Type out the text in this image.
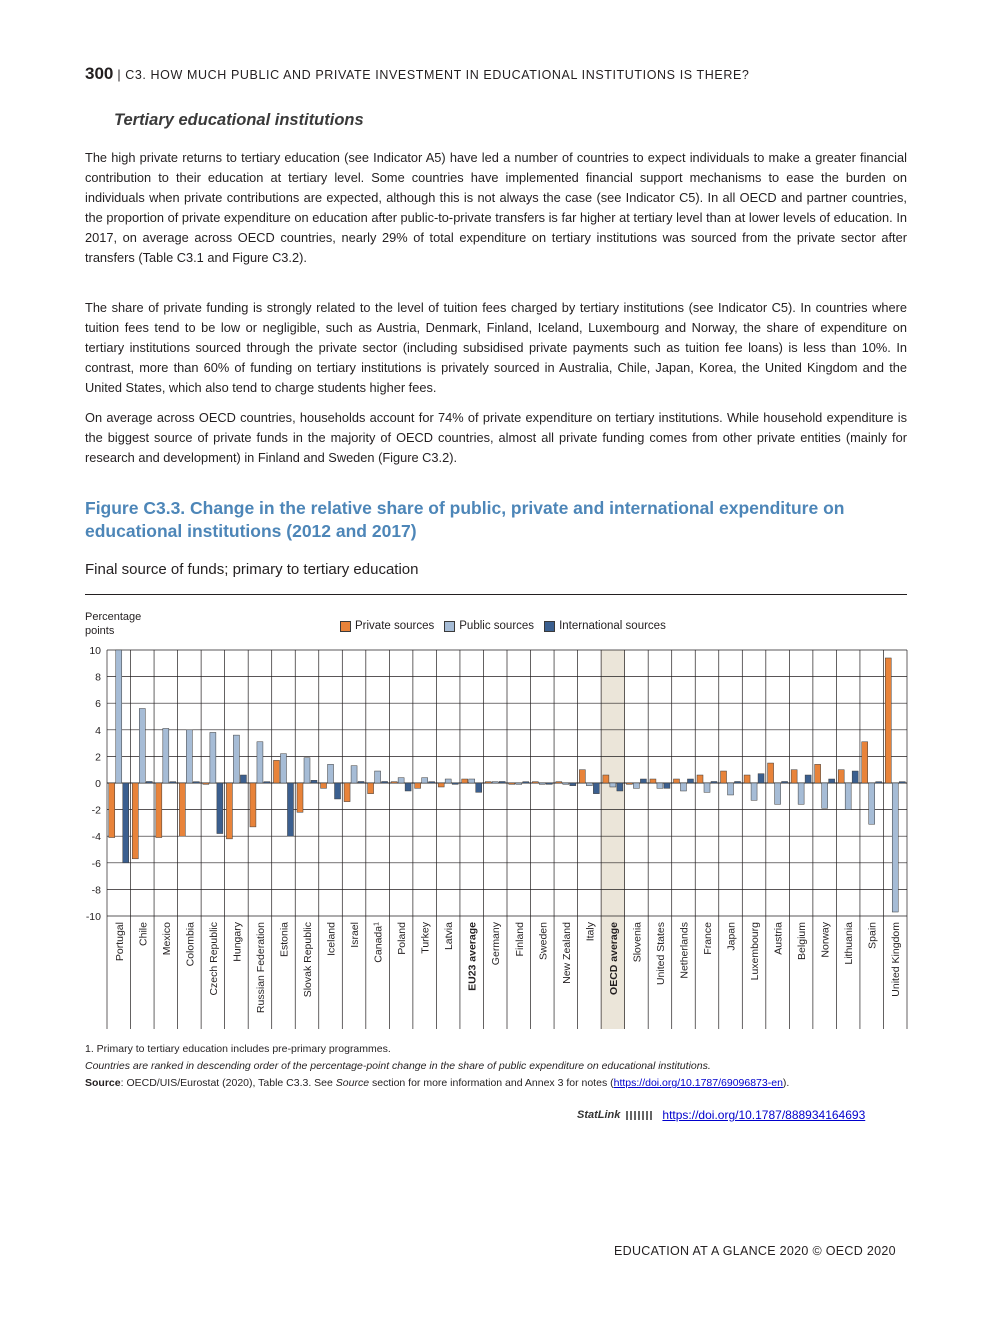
300 | C3. HOW MUCH PUBLIC AND PRIVATE INVESTMENT IN EDUCATIONAL INSTITUTIONS IS THERE?
Tertiary educational institutions

The high private returns to tertiary education (see Indicator A5) have led a number of countries to expect individuals to make a greater financial contribution to their education at tertiary level. Some countries have implemented financial support mechanisms to ease the burden on individuals when private contributions are expected, although this is not always the case (see Indicator C5). In all OECD and partner countries, the proportion of private expenditure on education after public-to-private transfers is far higher at tertiary level than at lower levels of education. In 2017, on average across OECD countries, nearly 29% of total expenditure on tertiary institutions was sourced from the private sector after transfers (Table C3.1 and Figure C3.2).

The share of private funding is strongly related to the level of tuition fees charged by tertiary institutions (see Indicator C5). In countries where tuition fees tend to be low or negligible, such as Austria, Denmark, Finland, Iceland, Luxembourg and Norway, the share of expenditure on tertiary institutions sourced through the private sector (including subsidised private payments such as tuition fee loans) is less than 10%. In contrast, more than 60% of funding on tertiary institutions is privately sourced in Australia, Chile, Japan, Korea, the United Kingdom and the United States, which also tend to charge students higher fees.

On average across OECD countries, households account for 74% of private expenditure on tertiary institutions. While household expenditure is the biggest source of private funds in the majority of OECD countries, almost all private funding comes from other private entities (mainly for research and development) in Finland and Sweden (Figure C3.2).

Figure C3.3. Change in the relative share of public, private and international expenditure on educational institutions (2012 and 2017)
Final source of funds; primary to tertiary education
Percentage points	Private sources Public sources International sources
10
8
6
4
2
0
-2
-4
-6
-8
-10
Portugal Chile Mexico Colombia Czech Republic Hungary Russian Federation Estonia Slovak Republic Iceland Israel Canada$^1$	Poland Turkey Latvia EU23 average Germany Finland Sweden New Zealand Italy OECD average Slovenia United States Netherlands France Japan Luxembourg Austria Belgium Norway Lithuania Spain United Kingdom
1. Primary to tertiary education includes pre-primary programmes.
Countries are ranked in descending order of the percentage-point change in the share of public expenditure on educational institutions.
Source: OECD/UIS/Eurostat (2020), Table C3.3. See Source section for more information and Annex 3 for notes (https://doi.org/10.1787/69096873-en).
StatLink	https://doi.org/10.1787/888934164693
EDUCATION AT A GLANCE 2020 © OECD 2020
